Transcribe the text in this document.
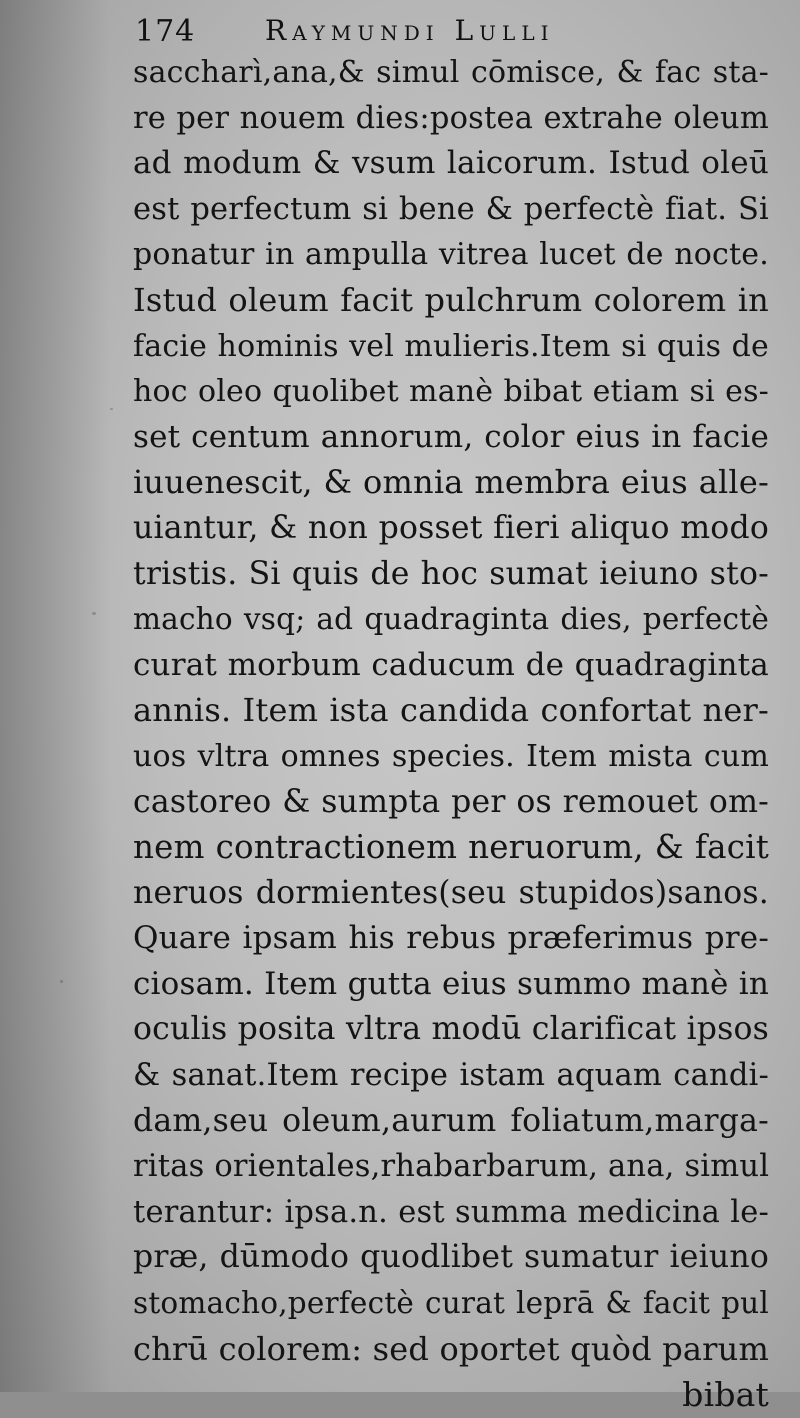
174 Raymundi Lulli
saccharì,ana,& simul cōmisce, & fac sta-
re per nouem dies:postea extrahe oleum
ad modum & vsum laicorum. Istud oleū
est perfectum si bene & perfectè fiat. Si
ponatur in ampulla vitrea lucet de nocte.
Istud oleum facit pulchrum colorem in
facie hominis vel mulieris.Item si quis de
hoc oleo quolibet manè bibat etiam si es-
set centum annorum, color eius in facie
iuuenescit, & omnia membra eius alle-
uiantur, & non posset fieri aliquo modo
tristis. Si quis de hoc sumat ieiuno sto-
macho vsq; ad quadraginta dies, perfectè
curat morbum caducum de quadraginta
annis. Item ista candida confortat ner-
uos vltra omnes species. Item mista cum
castoreo & sumpta per os remouet om-
nem contractionem neruorum, & facit
neruos dormientes(seu stupidos)sanos.
Quare ipsam his rebus præferimus pre-
ciosam. Item gutta eius summo manè in
oculis posita vltra modū clarificat ipsos
& sanat.Item recipe istam aquam candi-
dam,seu oleum,aurum foliatum,marga-
ritas orientales,rhabarbarum, ana, simul
terantur: ipsa.n. est summa medicina le-
præ, dūmodo quodlibet sumatur ieiuno
stomacho,perfectè curat leprā & facit pul
chrū colorem: sed oportet quòd parum
bibat
